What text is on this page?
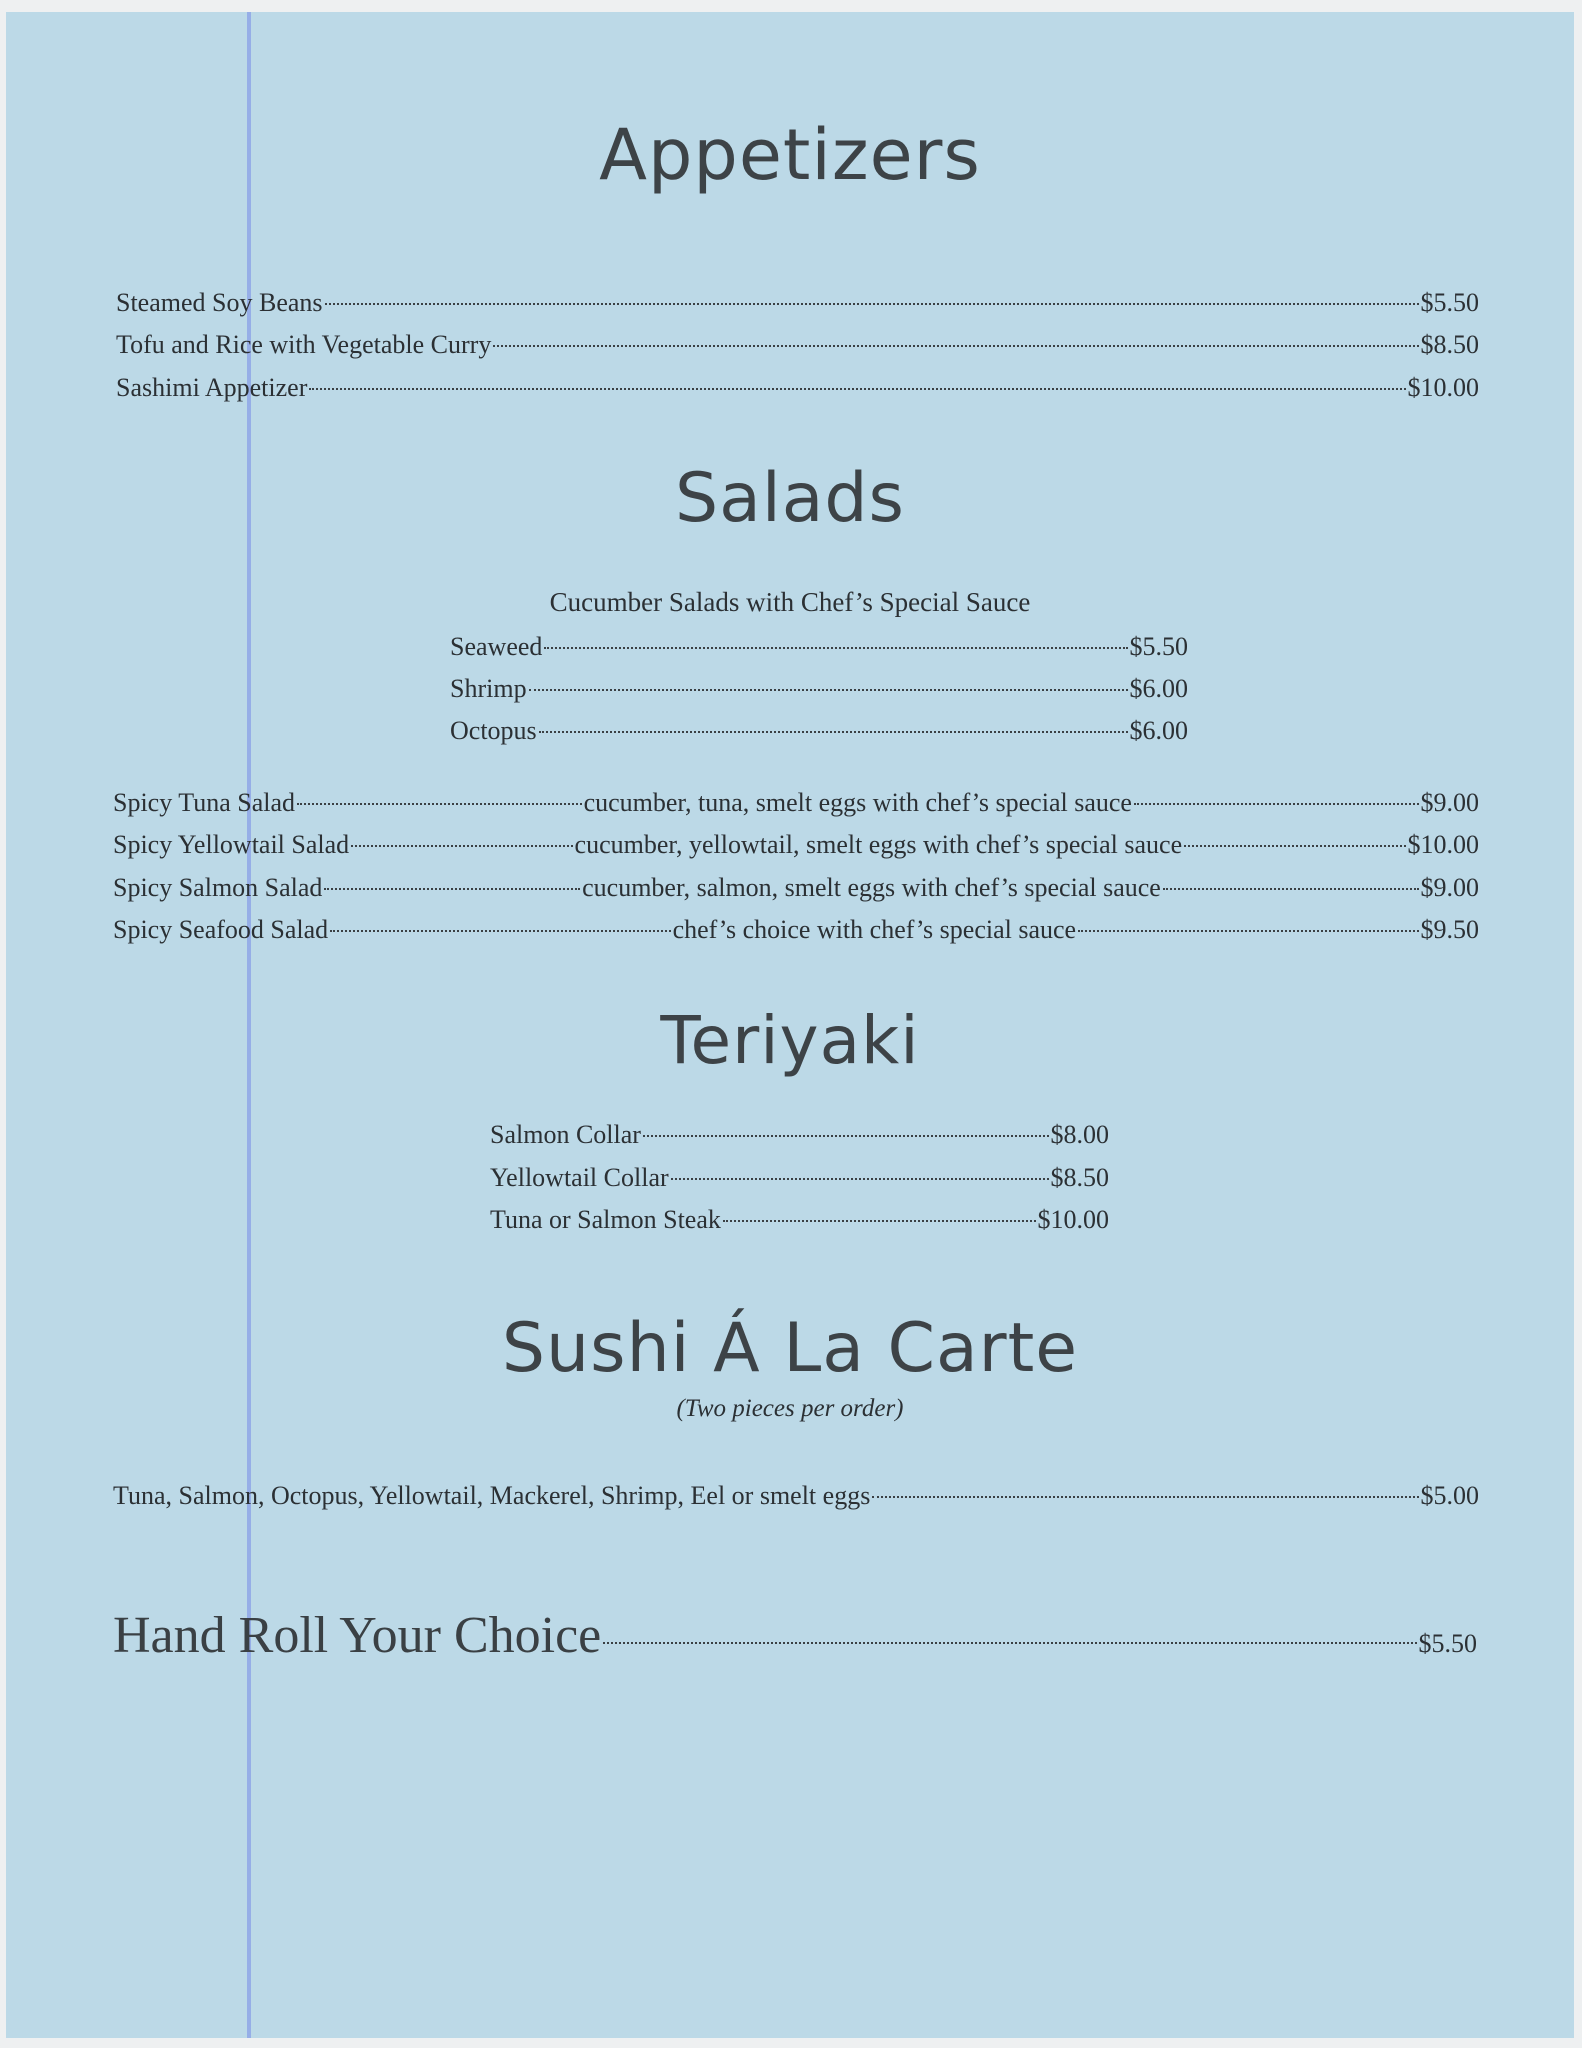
Appetizers
Steamed Soy Beans	$5.50
Tofu and Rice with Vegetable Curry	$8.50
Sashimi Appetizer	$10.00
Salads
Cucumber Salads with Chef’s Special Sauce
Seaweed	$5.50
Shrimp	$6.00
Octopus	$6.00
Spicy Tuna Salad	cucumber, tuna, smelt eggs with chef’s special sauce	$9.00
Spicy Yellowtail Salad	cucumber, yellowtail, smelt eggs with chef’s special sauce	$10.00
Spicy Salmon Salad	cucumber, salmon, smelt eggs with chef’s special sauce	$9.00
Spicy Seafood Salad	chef’s choice with chef’s special sauce	$9.50
Teriyaki
Salmon Collar	$8.00
Yellowtail Collar	$8.50
Tuna or Salmon Steak	$10.00
Sushi Á La Carte
(Two pieces per order)
Tuna, Salmon, Octopus, Yellowtail, Mackerel, Shrimp, Eel or smelt eggs	$5.00
Hand Roll Your Choice	$5.50
